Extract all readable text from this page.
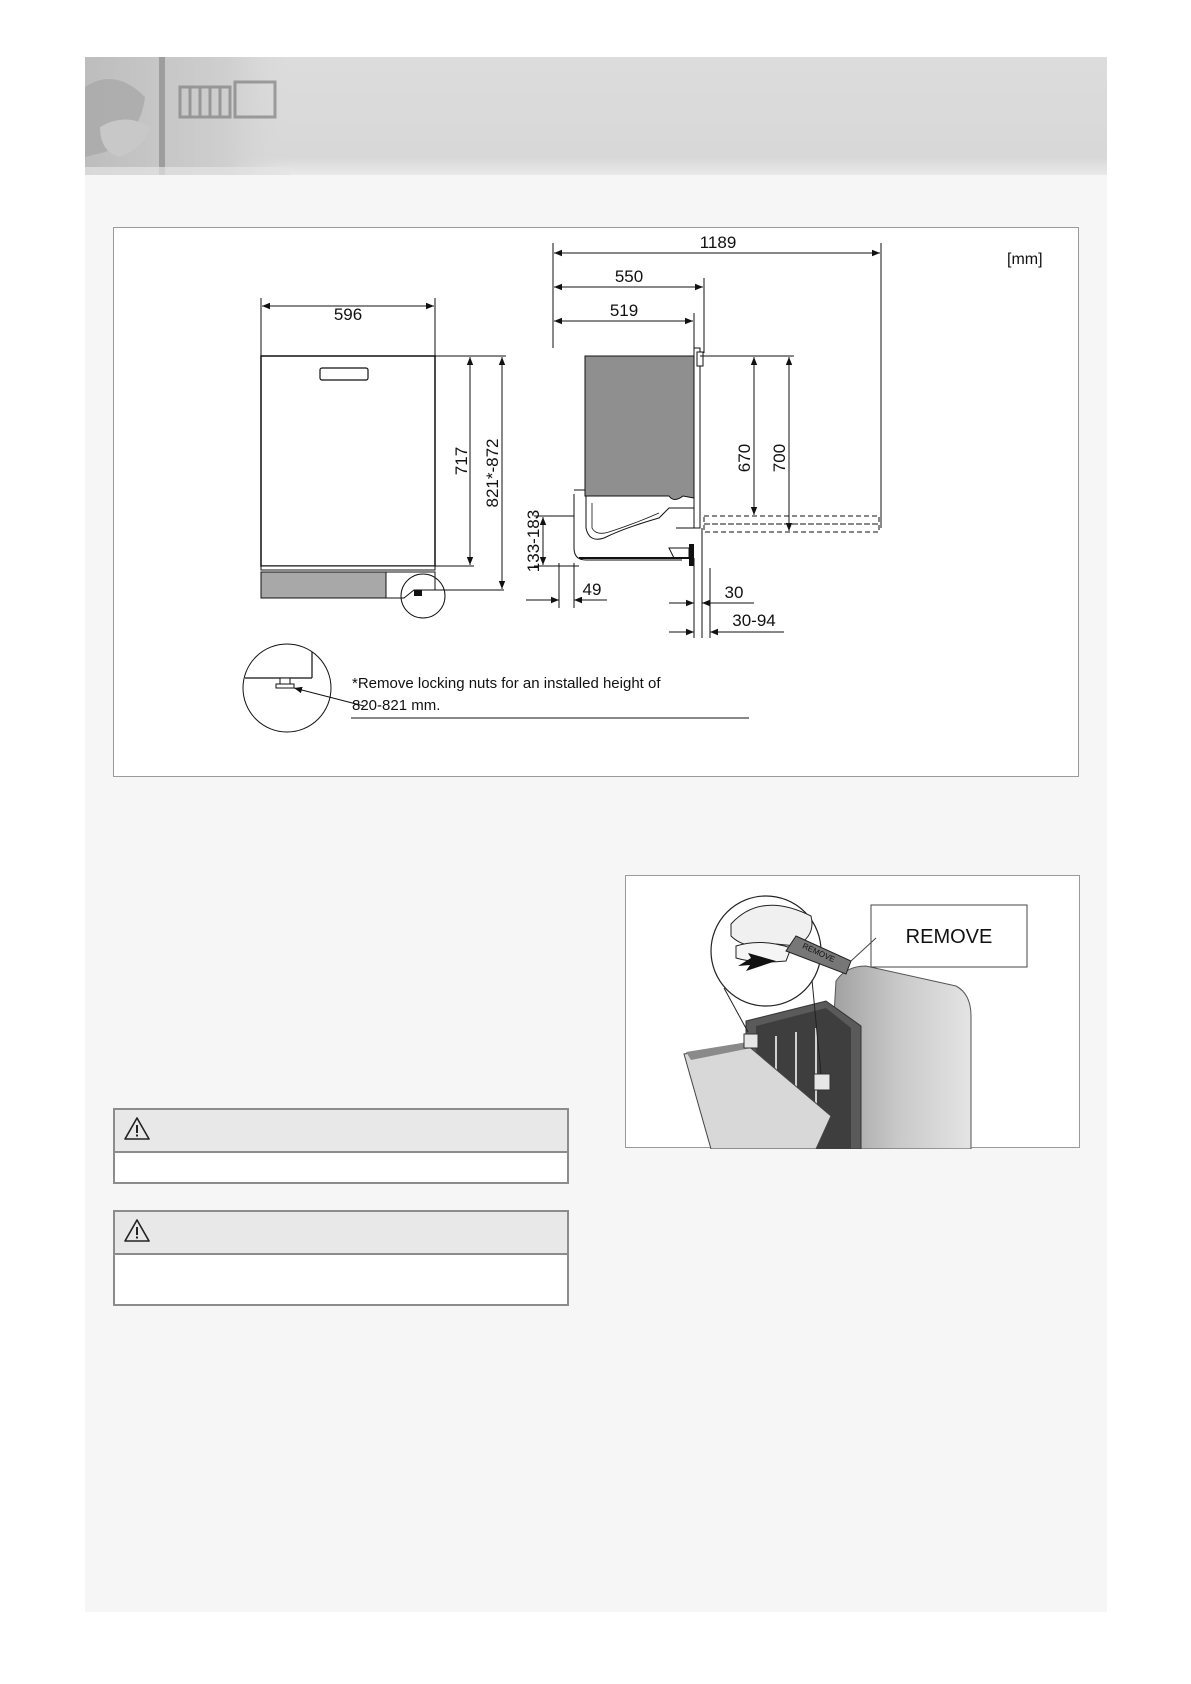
[mm]
596
717 821*-872
1189
550
519
670 700
133-183
49	30
30-94
*Remove locking nuts for an installed height of
820-821 mm.
REMOVE
REMOVE
